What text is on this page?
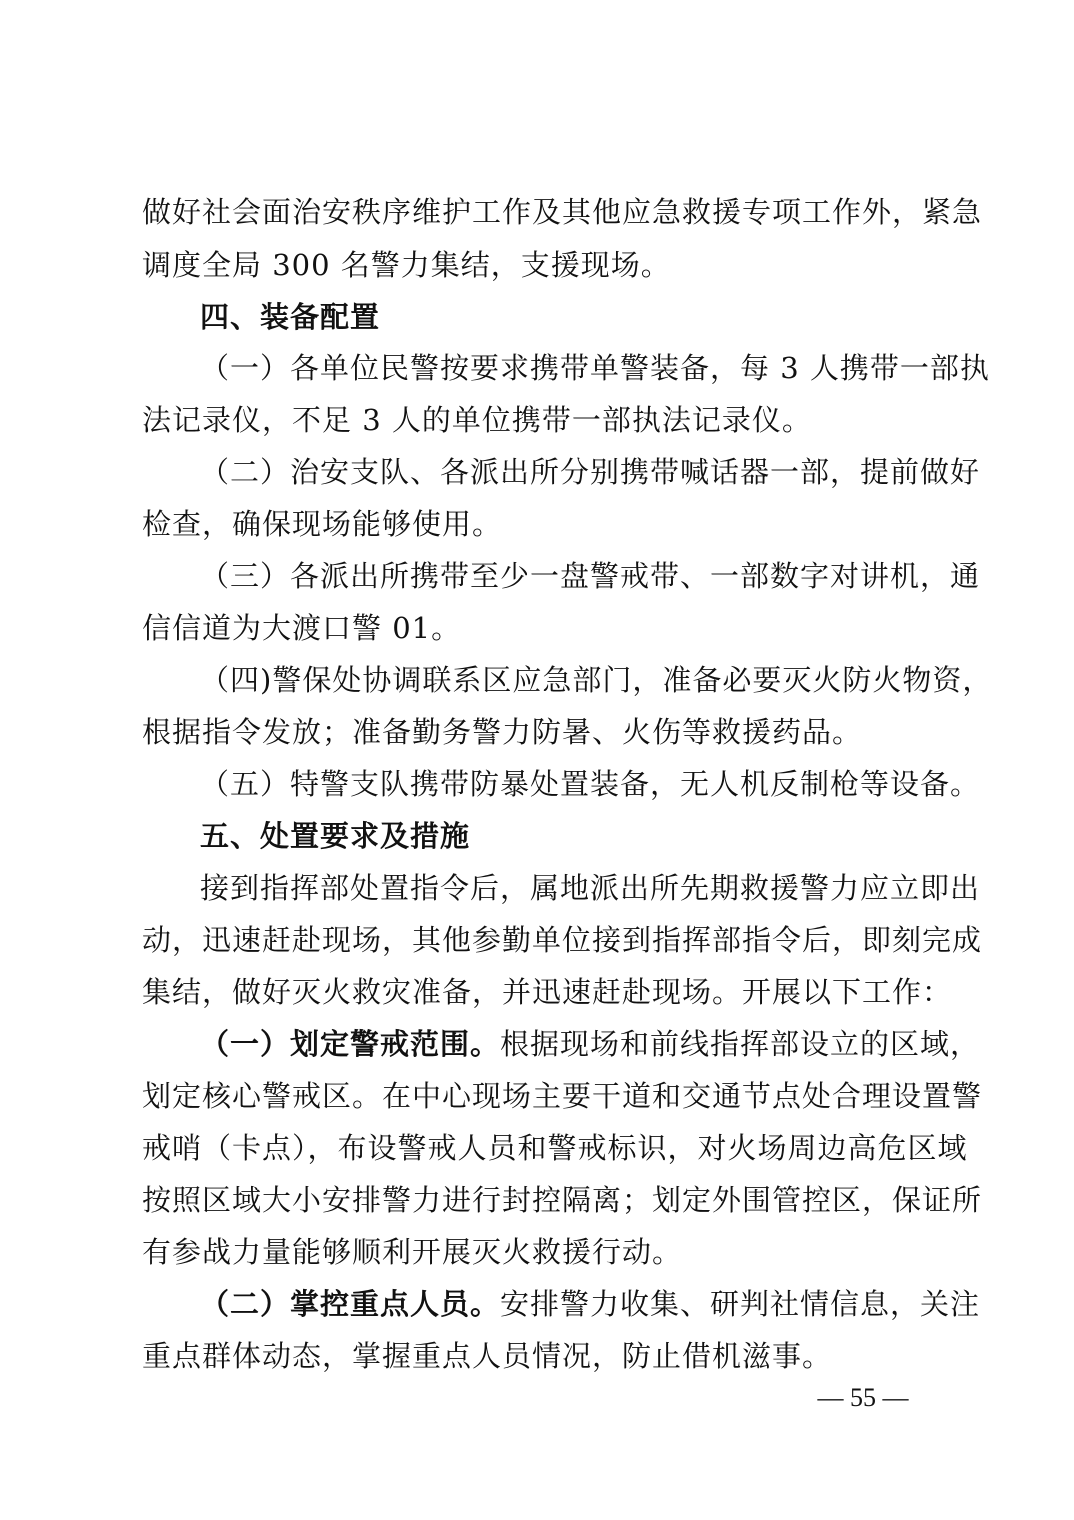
做好社会面治安秩序维护工作及其他应急救援专项工作外，紧急
调度全局 300 名警力集结，支援现场。
四、装备配置
（一）各单位民警按要求携带单警装备，每 3 人携带一部执
法记录仪，不足 3 人的单位携带一部执法记录仪。
（二）治安支队、各派出所分别携带喊话器一部，提前做好
检查，确保现场能够使用。
（三）各派出所携带至少一盘警戒带、一部数字对讲机，通
信信道为大渡口警 01。
（四)警保处协调联系区应急部门，准备必要灭火防火物资，
根据指令发放；准备勤务警力防暑、火伤等救援药品。
（五）特警支队携带防暴处置装备，无人机反制枪等设备。
五、处置要求及措施
接到指挥部处置指令后，属地派出所先期救援警力应立即出
动，迅速赶赴现场，其他参勤单位接到指挥部指令后，即刻完成
集结，做好灭火救灾准备，并迅速赶赴现场。开展以下工作：
（一）划定警戒范围。根据现场和前线指挥部设立的区域，
划定核心警戒区。在中心现场主要干道和交通节点处合理设置警
戒哨（卡点），布设警戒人员和警戒标识，对火场周边高危区域
按照区域大小安排警力进行封控隔离；划定外围管控区，保证所
有参战力量能够顺利开展灭火救援行动。
（二）掌控重点人员。安排警力收集、研判社情信息，关注
重点群体动态，掌握重点人员情况，防止借机滋事。
— 55 —
